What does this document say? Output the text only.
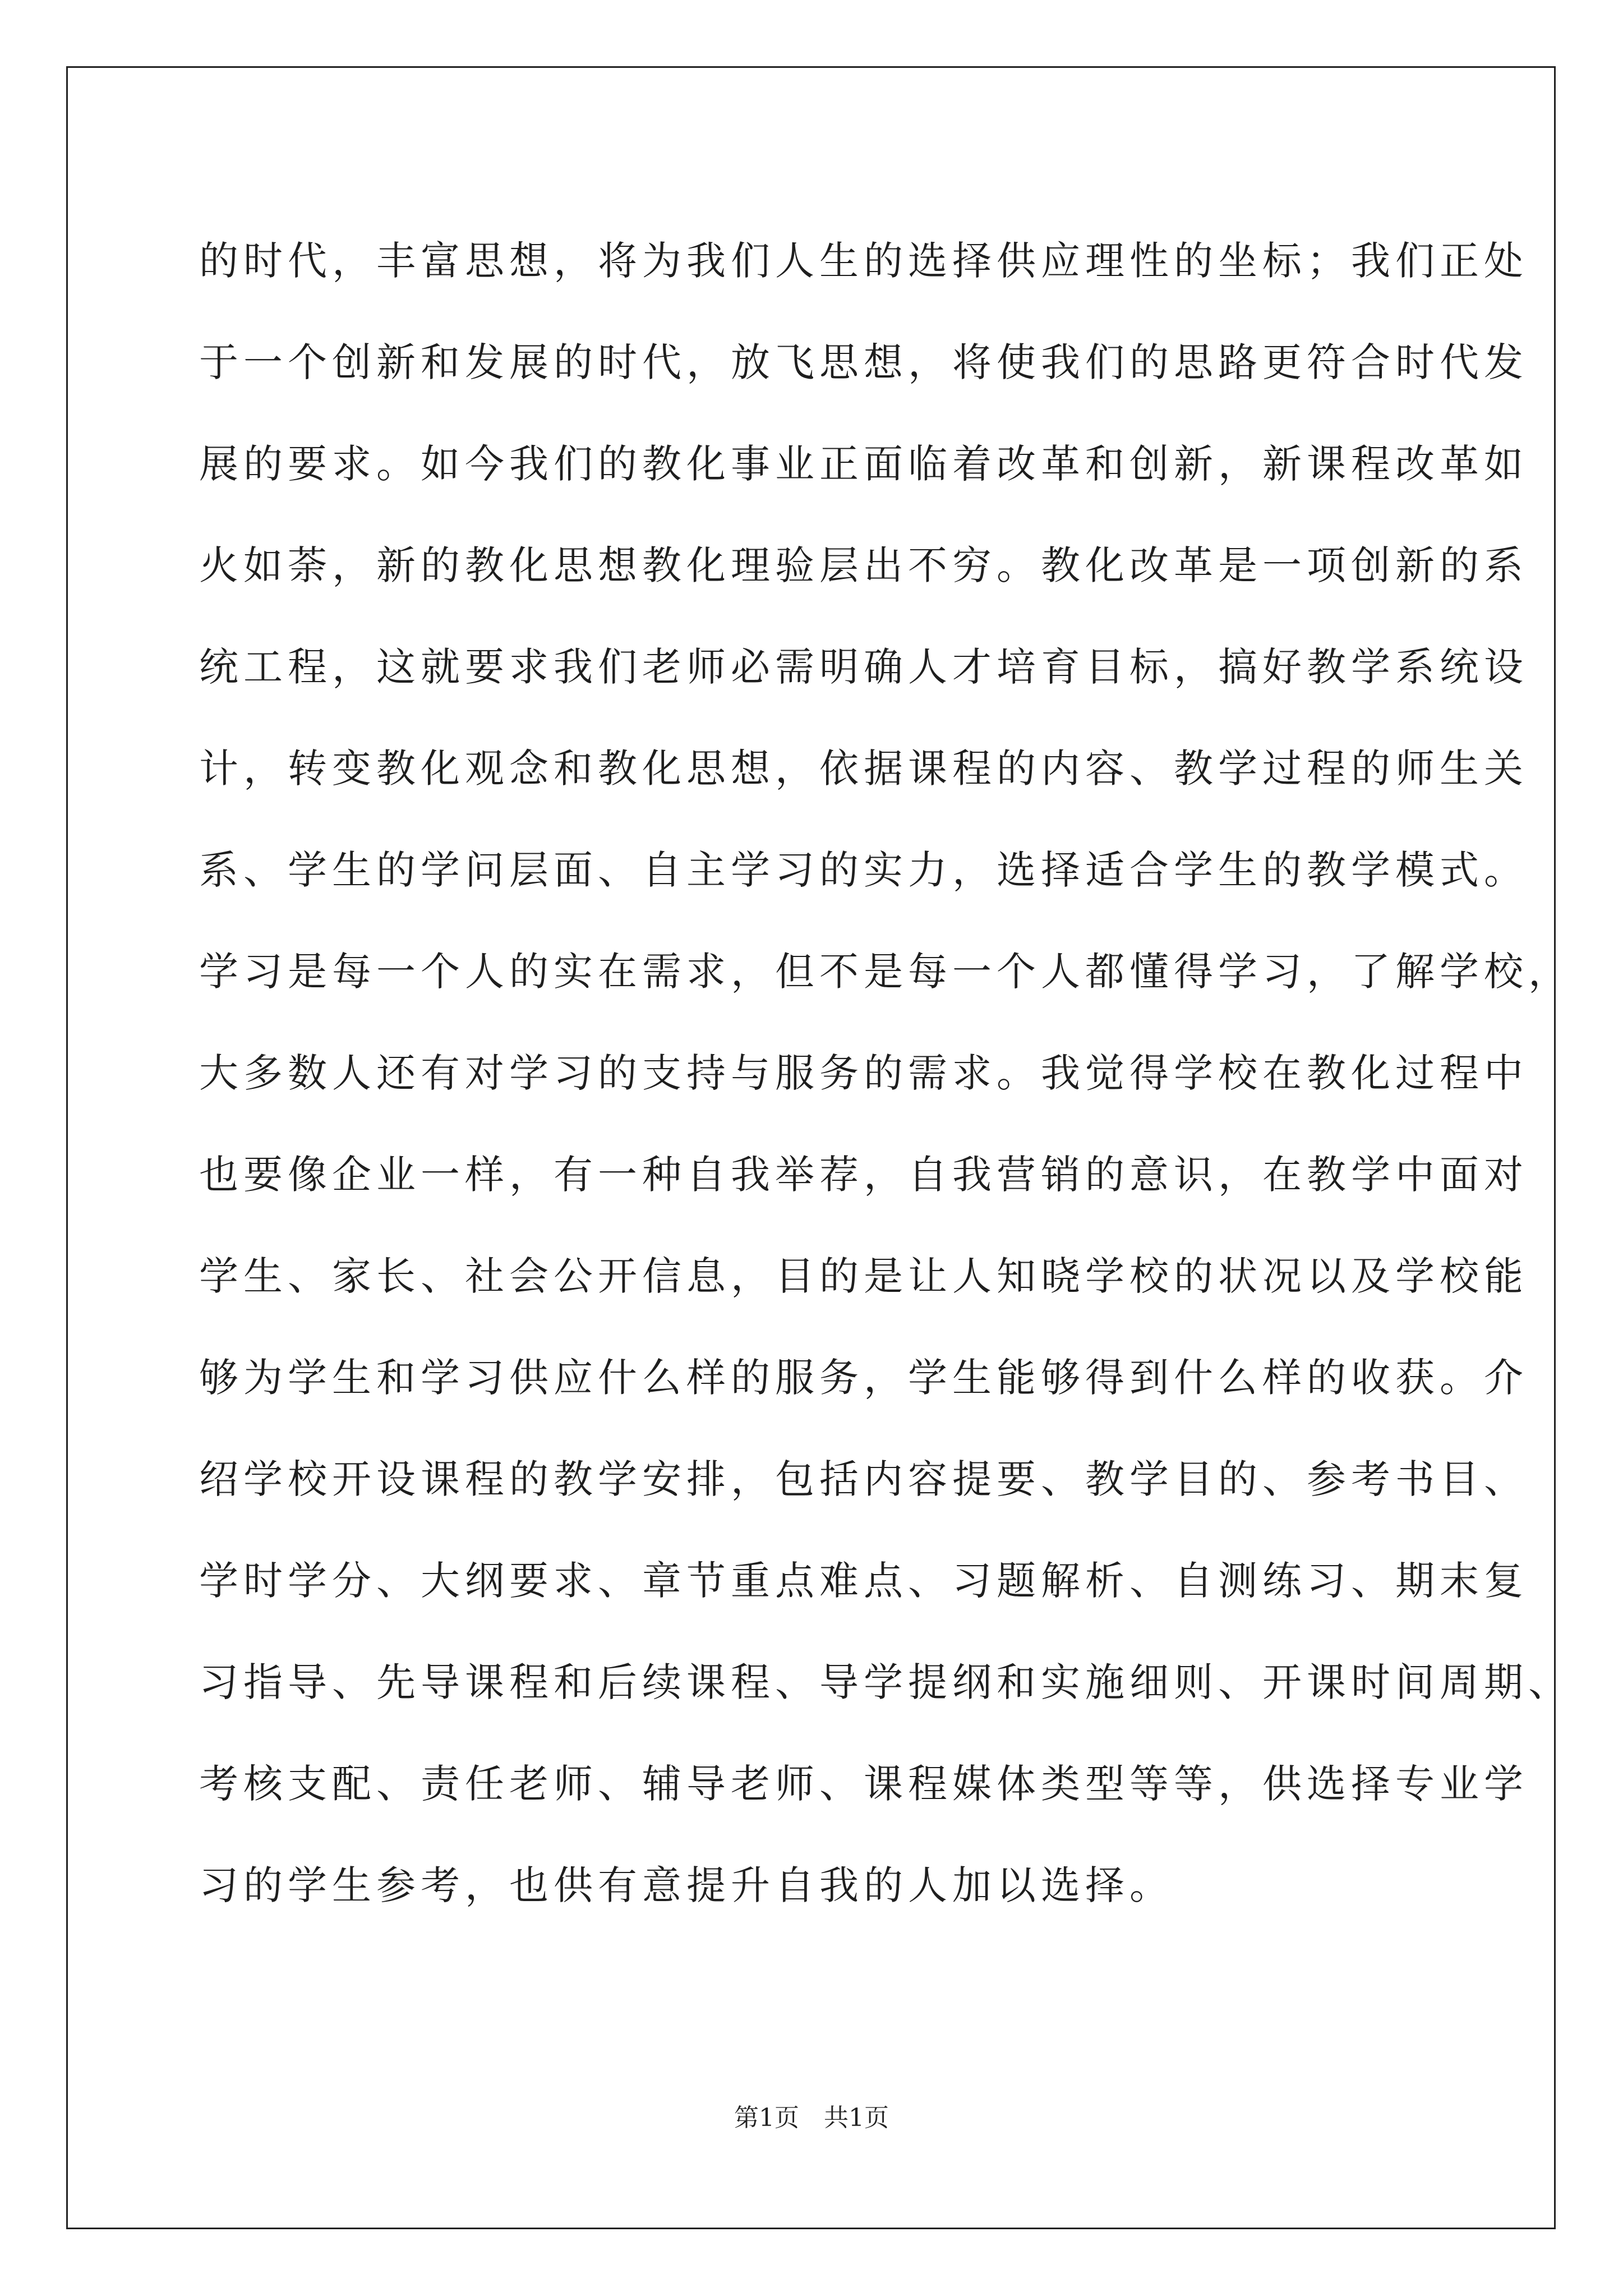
的时代，丰富思想，将为我们人生的选择供应理性的坐标；我们正处
于一个创新和发展的时代，放飞思想，将使我们的思路更符合时代发
展的要求。如今我们的教化事业正面临着改革和创新，新课程改革如
火如荼，新的教化思想教化理验层出不穷。教化改革是一项创新的系
统工程，这就要求我们老师必需明确人才培育目标，搞好教学系统设
计，转变教化观念和教化思想，依据课程的内容、教学过程的师生关
系、学生的学问层面、自主学习的实力，选择适合学生的教学模式。
学习是每一个人的实在需求，但不是每一个人都懂得学习，了解学校，
大多数人还有对学习的支持与服务的需求。我觉得学校在教化过程中
也要像企业一样，有一种自我举荐，自我营销的意识，在教学中面对
学生、家长、社会公开信息，目的是让人知晓学校的状况以及学校能
够为学生和学习供应什么样的服务，学生能够得到什么样的收获。介
绍学校开设课程的教学安排，包括内容提要、教学目的、参考书目、
学时学分、大纲要求、章节重点难点、习题解析、自测练习、期末复
习指导、先导课程和后续课程、导学提纲和实施细则、开课时间周期、
考核支配、责任老师、辅导老师、课程媒体类型等等，供选择专业学
习的学生参考，也供有意提升自我的人加以选择。
第1页 共1页
